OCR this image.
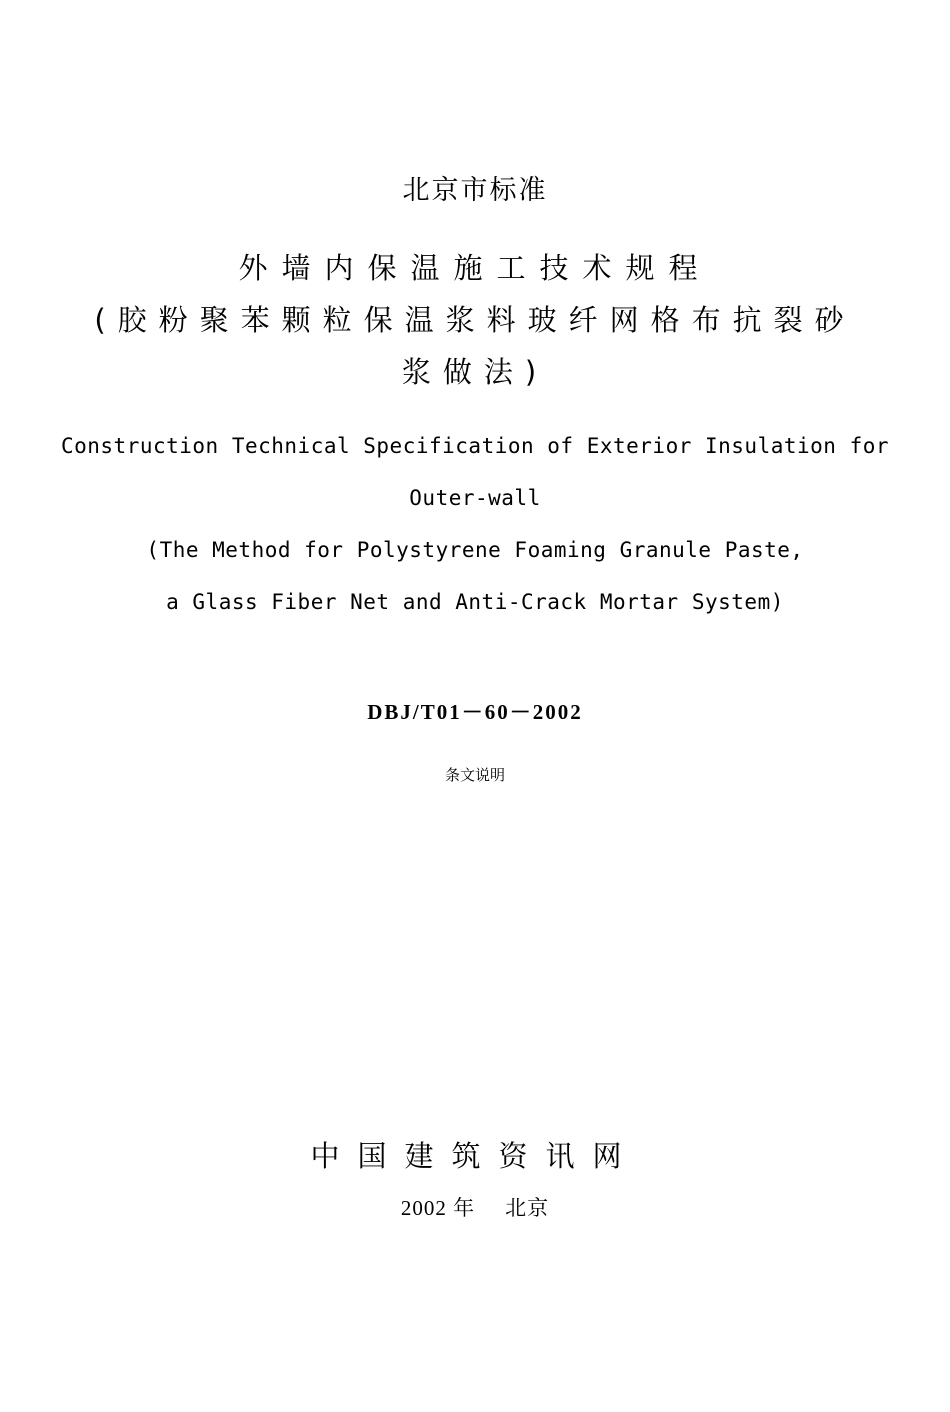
北京市标准
外墙内保温施工技术规程
(胶粉聚苯颗粒保温浆料玻纤网格布抗裂砂
浆做法)
Construction Technical Specification of Exterior Insulation for
Outer-wall
(The Method for Polystyrene Foaming Granule Paste,
a Glass Fiber Net and Anti-Crack Mortar System)
DBJ/T01－60－2002
条文说明
中国建筑资讯网
2002 年 北京
